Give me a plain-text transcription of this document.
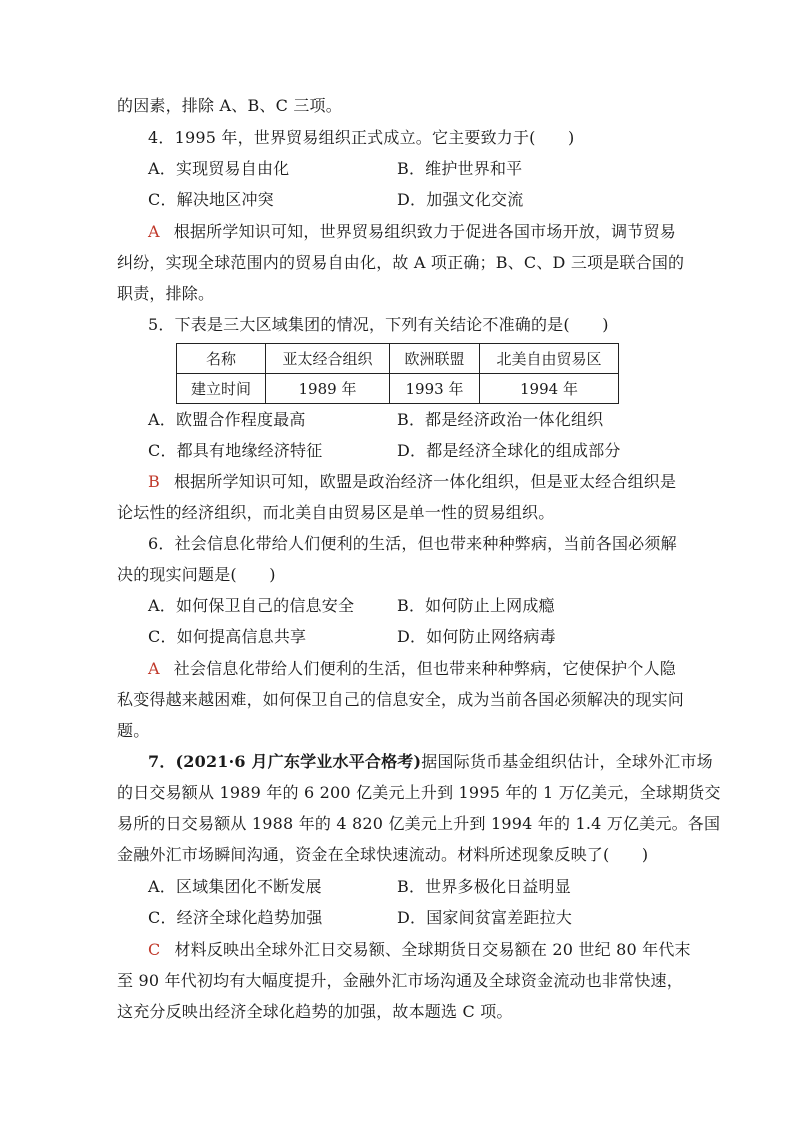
的因素，排除 A、B、C 三项。
4．1995 年，世界贸易组织正式成立。它主要致力于(　　)
A．实现贸易自由化	B．维护世界和平
C．解决地区冲突	D．加强文化交流
A 根据所学知识可知，世界贸易组织致力于促进各国市场开放，调节贸易
纠纷，实现全球范围内的贸易自由化，故 A 项正确；B、C、D 三项是联合国的
职责，排除。
5．下表是三大区域集团的情况，下列有关结论不准确的是(　　)
名称	亚太经合组织	欧洲联盟	北美自由贸易区
建立时间	1989 年	1993 年	1994 年
A．欧盟合作程度最高	B．都是经济政治一体化组织
C．都具有地缘经济特征	D．都是经济全球化的组成部分
B 根据所学知识可知，欧盟是政治经济一体化组织，但是亚太经合组织是
论坛性的经济组织，而北美自由贸易区是单一性的贸易组织。
6．社会信息化带给人们便利的生活，但也带来种种弊病，当前各国必须解
决的现实问题是(　　)
A．如何保卫自己的信息安全	B．如何防止上网成瘾
C．如何提高信息共享	D．如何防止网络病毒
A 社会信息化带给人们便利的生活，但也带来种种弊病，它使保护个人隐
私变得越来越困难，如何保卫自己的信息安全，成为当前各国必须解决的现实问
题。
7．(2021·6 月广东学业水平合格考)据国际货币基金组织估计，全球外汇市场
的日交易额从 1989 年的 6 200 亿美元上升到 1995 年的 1 万亿美元，全球期货交
易所的日交易额从 1988 年的 4 820 亿美元上升到 1994 年的 1.4 万亿美元。各国
金融外汇市场瞬间沟通，资金在全球快速流动。材料所述现象反映了(　　)
A．区域集团化不断发展	B．世界多极化日益明显
C．经济全球化趋势加强	D．国家间贫富差距拉大
C 材料反映出全球外汇日交易额、全球期货日交易额在 20 世纪 80 年代末
至 90 年代初均有大幅度提升，金融外汇市场沟通及全球资金流动也非常快速，
这充分反映出经济全球化趋势的加强，故本题选 C 项。
